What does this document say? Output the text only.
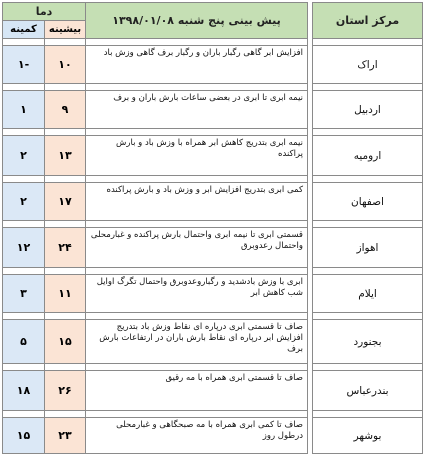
مرکز استان		پیش بینی پنج شنبه ۱۳۹۸/۰۱/۰۸	دما	
			بیشینه	کمینه

اراک		افزایش ابر گاهی رگبار باران و رگبار برف گاهی وزش باد	۱۰	-۱

اردبیل		نیمه ابری تا ابری در بعضی ساعات بارش باران و برف	۹	۱

ارومیه		نیمه ابری بتدریج کاهش ابر همراه با وزش باد و بارش پراکنده	۱۳	۲

اصفهان		کمی ابری بتدریج افزایش ابر و وزش باد و بارش پراکنده	۱۷	۲

اهواز		قسمتی ابری تا نیمه ابری واحتمال بارش پراکنده و غبارمحلی واحتمال رعدوبرق	۲۴	۱۲

ایلام		ابری با وزش بادشدید و رگباروعدوبرق واحتمال تگرگ اوایل شب کاهش ابر	۱۱	۳

بجنورد		صاف تا قسمتی ابری درپاره ای نقاط وزش باد بتدریج افزایش ابر درپاره ای نقاط بارش باران در ارتفاعات بارش برف	۱۵	۵

بندرعباس		صاف تا قسمتی ابری همراه با مه رقیق	۲۶	۱۸

بوشهر		صاف تا کمی ابری همراه با مه صبحگاهی و غبارمحلی درطول روز	۲۳	۱۵
